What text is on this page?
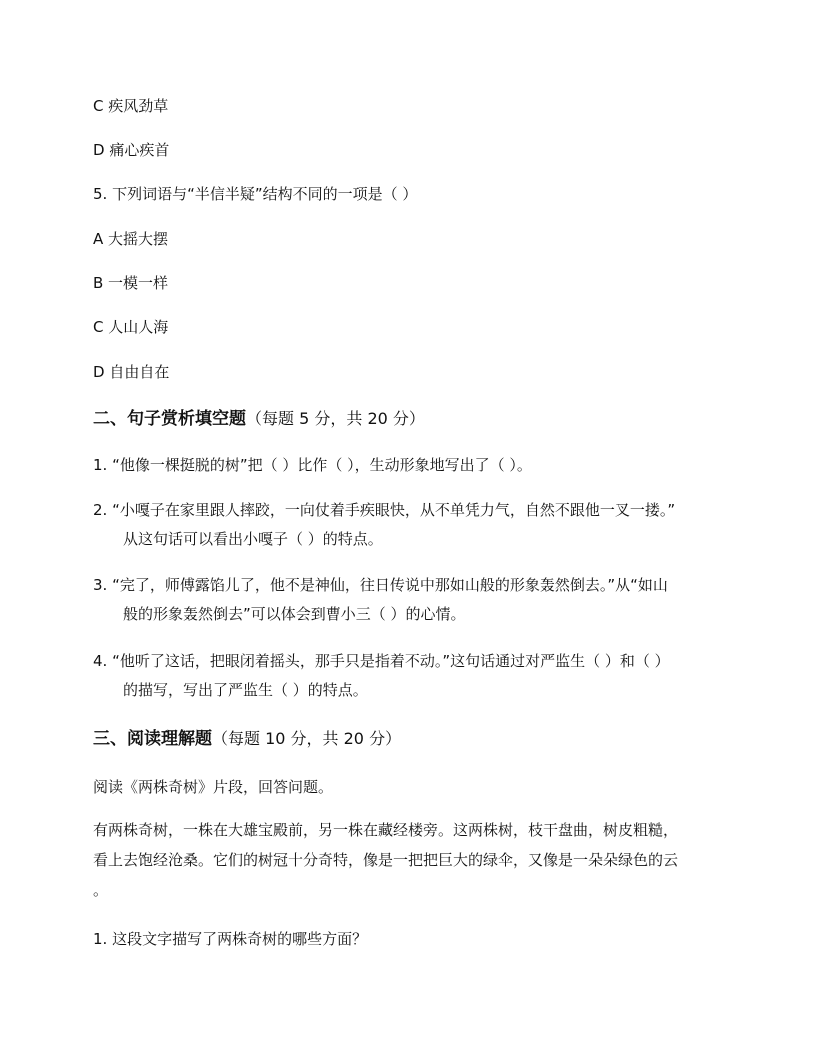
C 疾风劲草
D 痛心疾首
5. 下列词语与“半信半疑”结构不同的一项是（ ）
A 大摇大摆
B 一模一样
C 人山人海
D 自由自在
二、句子赏析填空题（每题 5 分，共 20 分）
1. “他像一棵挺脱的树”把（ ）比作（ ），生动形象地写出了（ ）。
2. “小嘎子在家里跟人摔跤，一向仗着手疾眼快，从不单凭力气，自然不跟他一叉一搂。”
从这句话可以看出小嘎子（ ）的特点。
3. “完了，师傅露馅儿了，他不是神仙，往日传说中那如山般的形象轰然倒去。”从“如山
般的形象轰然倒去”可以体会到曹小三（ ）的心情。
4. “他听了这话，把眼闭着摇头，那手只是指着不动。”这句话通过对严监生（ ）和（ ）
的描写，写出了严监生（ ）的特点。
三、阅读理解题（每题 10 分，共 20 分）
阅读《两株奇树》片段，回答问题。
有两株奇树，一株在大雄宝殿前，另一株在藏经楼旁。这两株树，枝干盘曲，树皮粗糙，
看上去饱经沧桑。它们的树冠十分奇特，像是一把把巨大的绿伞，又像是一朵朵绿色的云
。
1. 这段文字描写了两株奇树的哪些方面？
